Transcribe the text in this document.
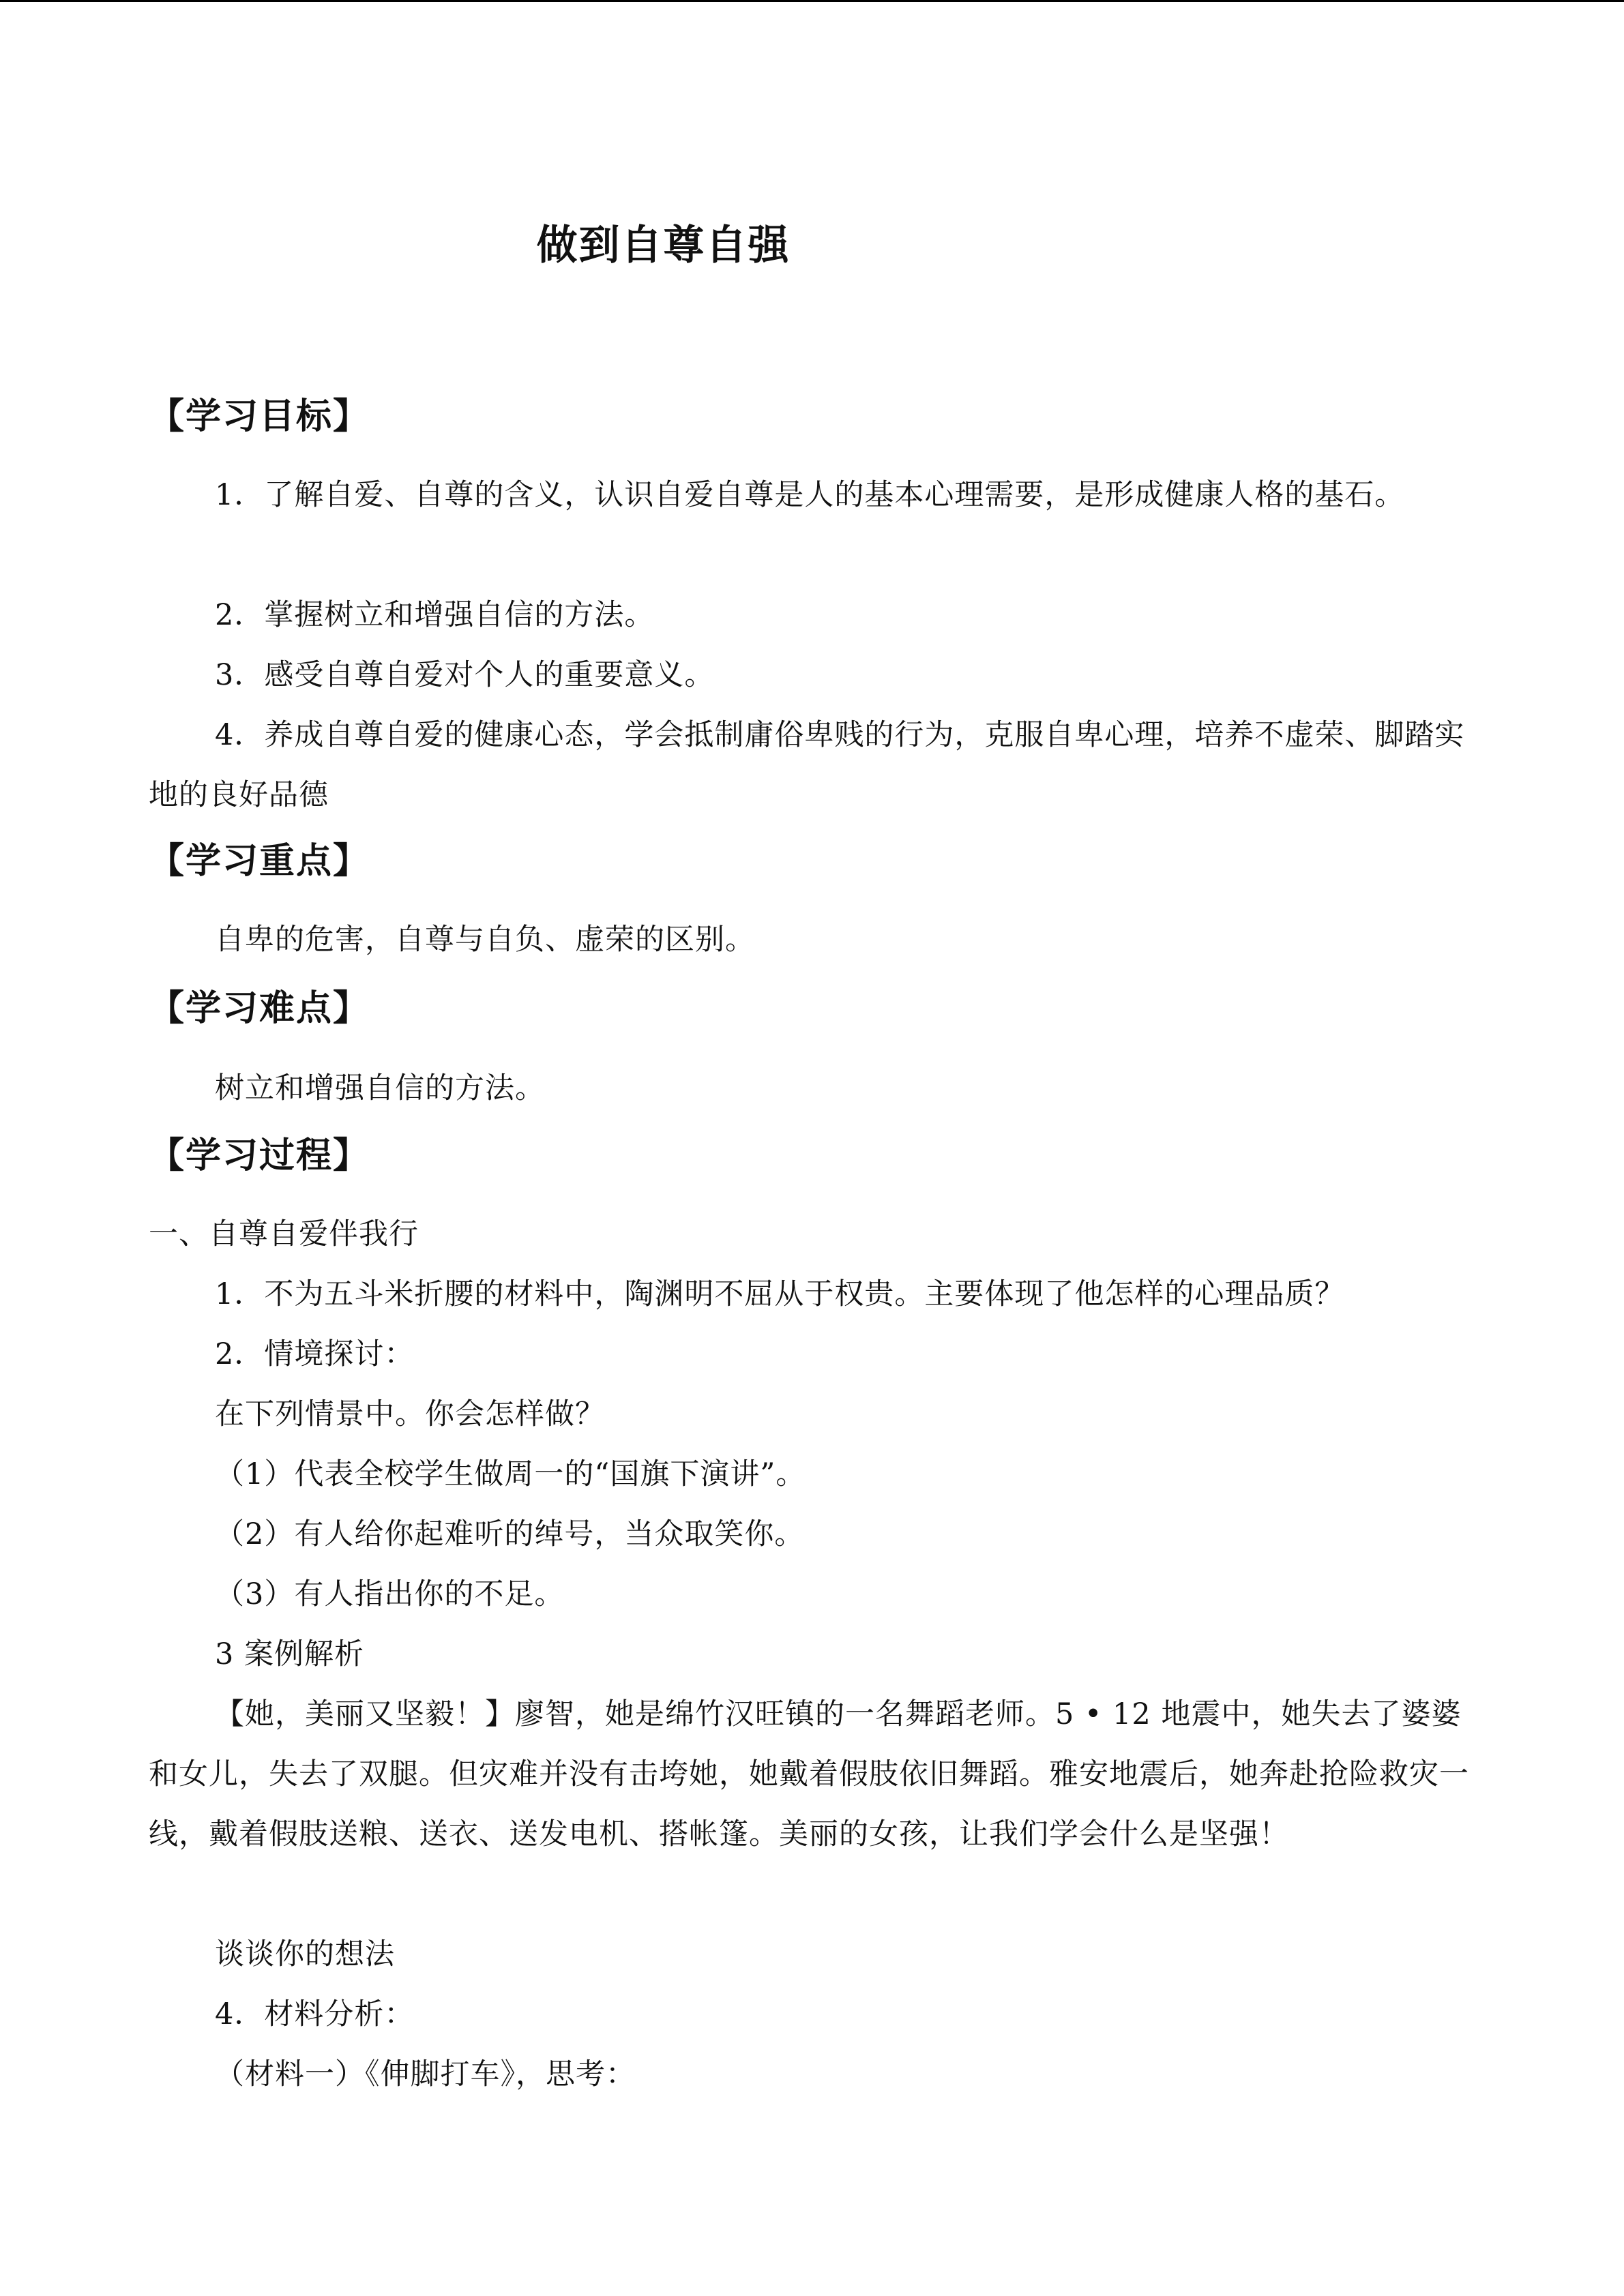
做到自尊自强
【学习目标】
1．了解自爱、自尊的含义，认识自爱自尊是人的基本心理需要，是形成健康人格的基石。
2．掌握树立和增强自信的方法。
3．感受自尊自爱对个人的重要意义。
4．养成自尊自爱的健康心态，学会抵制庸俗卑贱的行为，克服自卑心理，培养不虚荣、脚踏实地的良好品德
【学习重点】
自卑的危害，自尊与自负、虚荣的区别。
【学习难点】
树立和增强自信的方法。
【学习过程】
一、自尊自爱伴我行
1．不为五斗米折腰的材料中，陶渊明不屈从于权贵。主要体现了他怎样的心理品质？
2．情境探讨：
在下列情景中。你会怎样做？
（1）代表全校学生做周一的“国旗下演讲”。
（2）有人给你起难听的绰号，当众取笑你。
（3）有人指出你的不足。
3 案例解析
【她，美丽又坚毅！】廖智，她是绵竹汉旺镇的一名舞蹈老师。5 • 12 地震中，她失去了婆婆和女儿，失去了双腿。但灾难并没有击垮她，她戴着假肢依旧舞蹈。雅安地震后，她奔赴抢险救灾一线，戴着假肢送粮、送衣、送发电机、搭帐篷。美丽的女孩，让我们学会什么是坚强！
谈谈你的想法
4．材料分析：
（材料一）《伸脚打车》，思考：
